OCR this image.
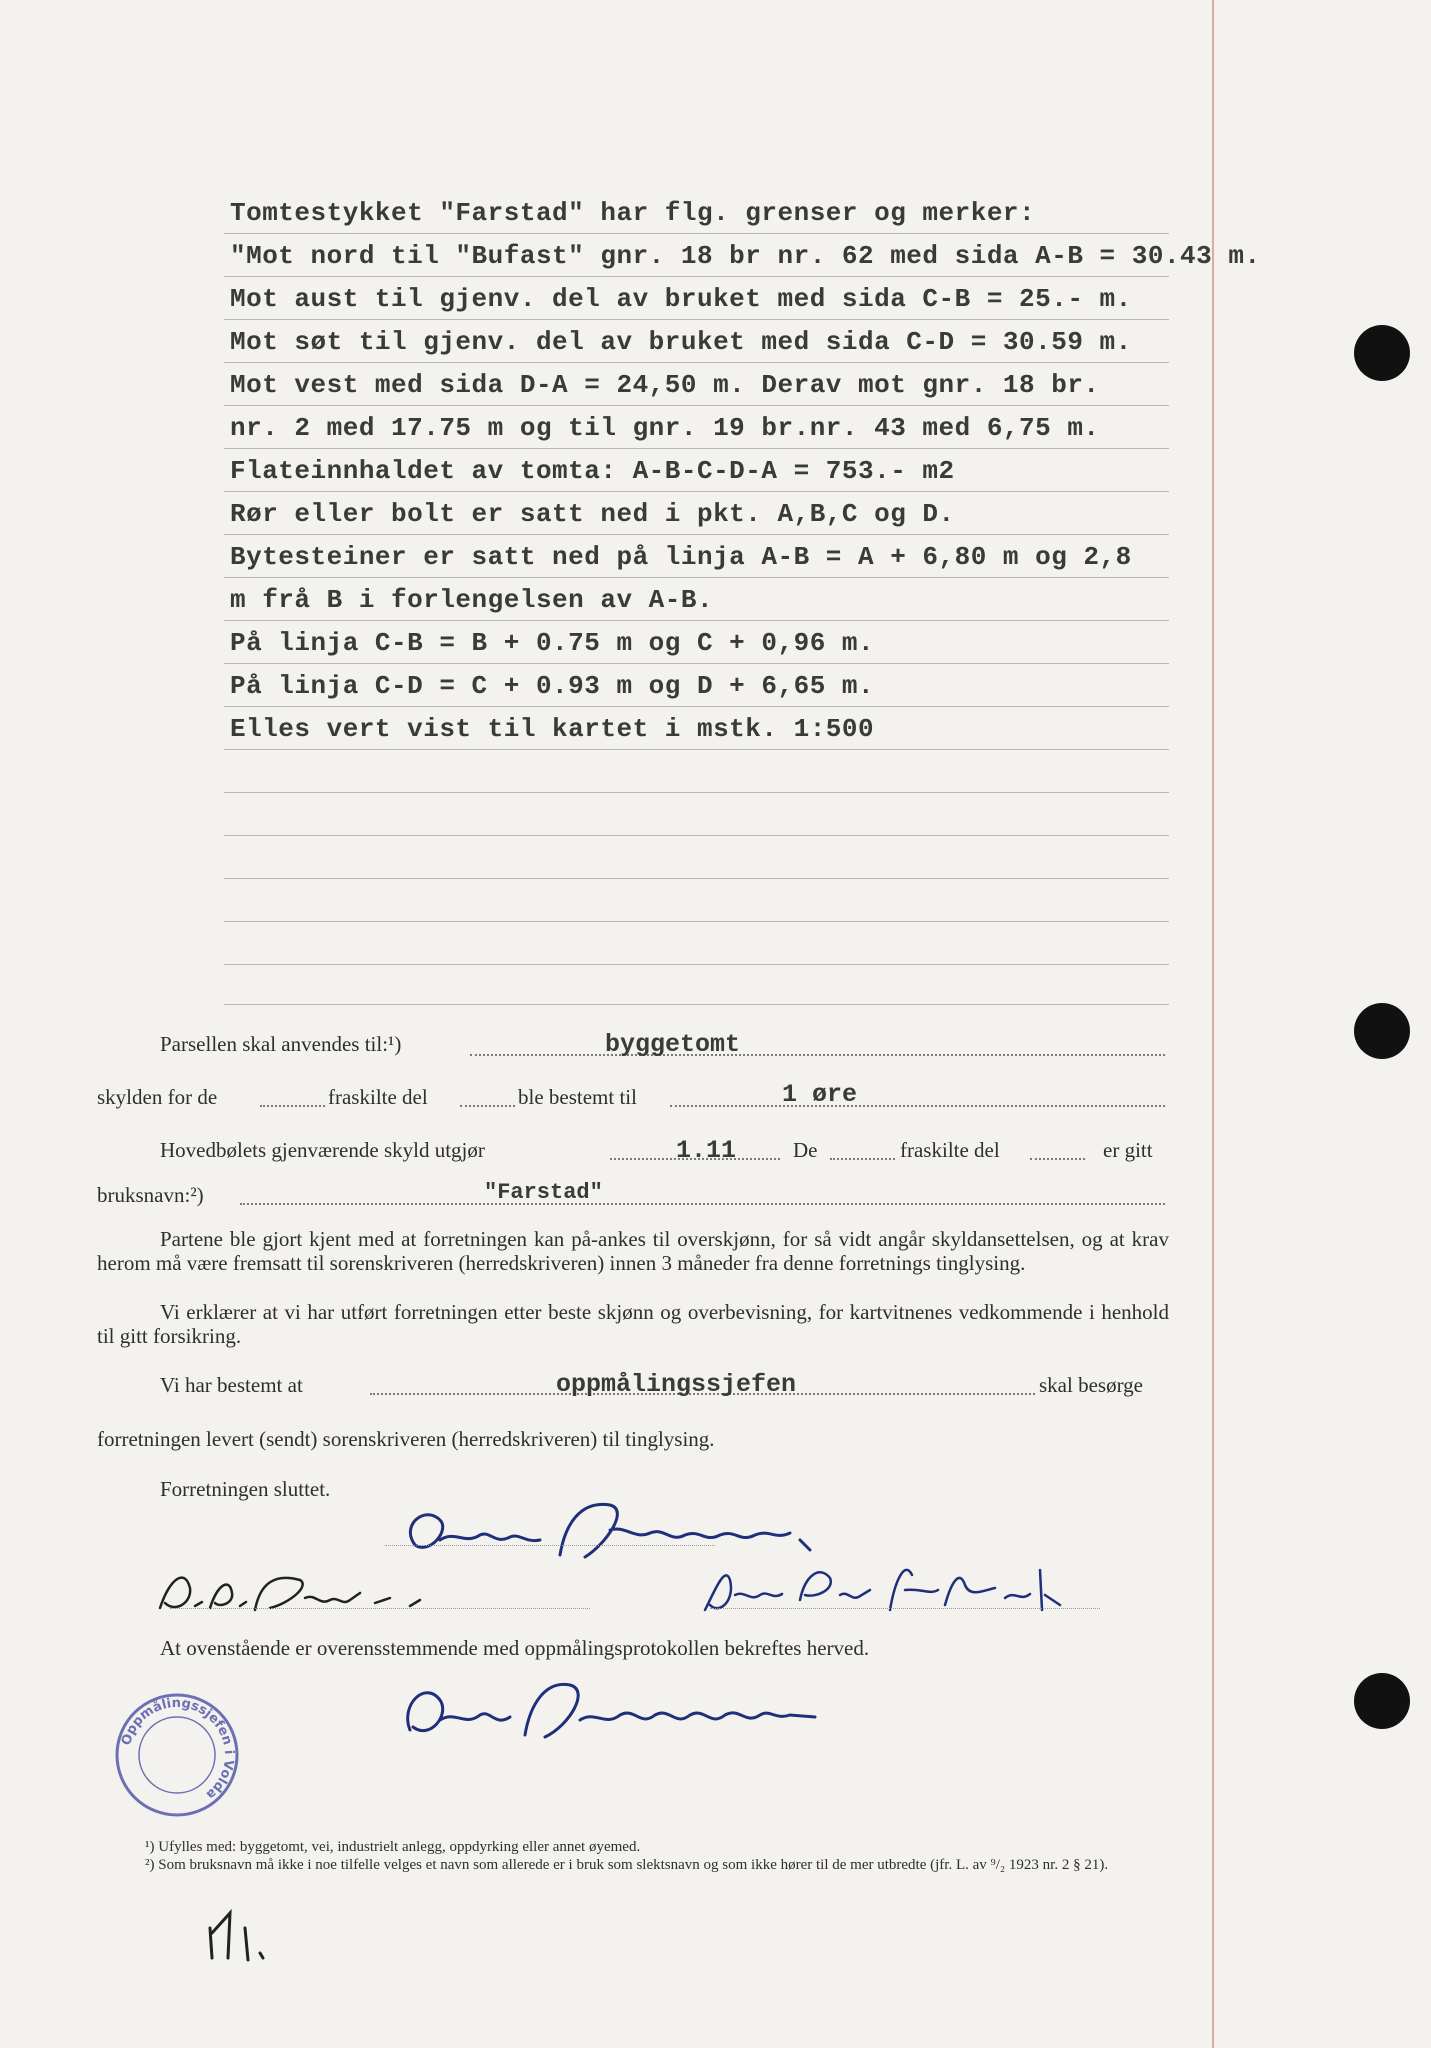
Tomtestykket "Farstad" har flg. grenser og merker:
"Mot nord til "Bufast" gnr. 18 br nr. 62 med sida A-B = 30.43 m.
Mot aust til gjenv. del av bruket med sida C-B = 25.- m.
Mot søt til gjenv. del av bruket med sida C-D = 30.59 m.
Mot vest med sida D-A = 24,50 m. Derav mot gnr. 18 br.
nr. 2 med 17.75 m og til gnr. 19 br.nr. 43 med 6,75 m.
Flateinnhaldet av tomta: A-B-C-D-A = 753.- m2
Rør eller bolt er satt ned i pkt. A,B,C og D.
Bytesteiner er satt ned på linja A-B = A + 6,80 m og 2,8
m frå B i forlengelsen av A-B.
På linja C-B = B + 0.75 m og C + 0,96 m.
På linja C-D = C + 0.93 m og D + 6,65 m.
Elles vert vist til kartet i mstk. 1:500
Parsellen skal anvendes til:¹)	byggetomt
skylden for de	fraskilte del	ble bestemt til	1 øre
Hovedbølets gjenværende skyld utgjør	1.11	De	fraskilte del	er gitt
bruksnavn:²)	"Farstad"
Partene ble gjort kjent med at forretningen kan på-ankes til overskjønn, for så vidt angår skyldansettelsen, og at krav herom må være fremsatt til sorenskriveren (herredskriveren) innen 3 måneder fra denne forretnings tinglysing.
Vi erklærer at vi har utført forretningen etter beste skjønn og overbevisning, for kartvitnenes vedkommende i henhold til gitt forsikring.
Vi har bestemt at	oppmålingssjefen	skal besørge
forretningen levert (sendt) sorenskriveren (herredskriveren) til tinglysing.
Forretningen sluttet.
At ovenstående er overensstemmende med oppmålingsprotokollen bekreftes herved.
Oppmålingssjefen i Volda
¹) Ufylles med: byggetomt, vei, industrielt anlegg, oppdyrking eller annet øyemed.
²) Som bruksnavn må ikke i noe tilfelle velges et navn som allerede er i bruk som slektsnavn og som ikke hører til de mer utbredte (jfr. L. av ⁹/₂ 1923 nr. 2 § 21).
